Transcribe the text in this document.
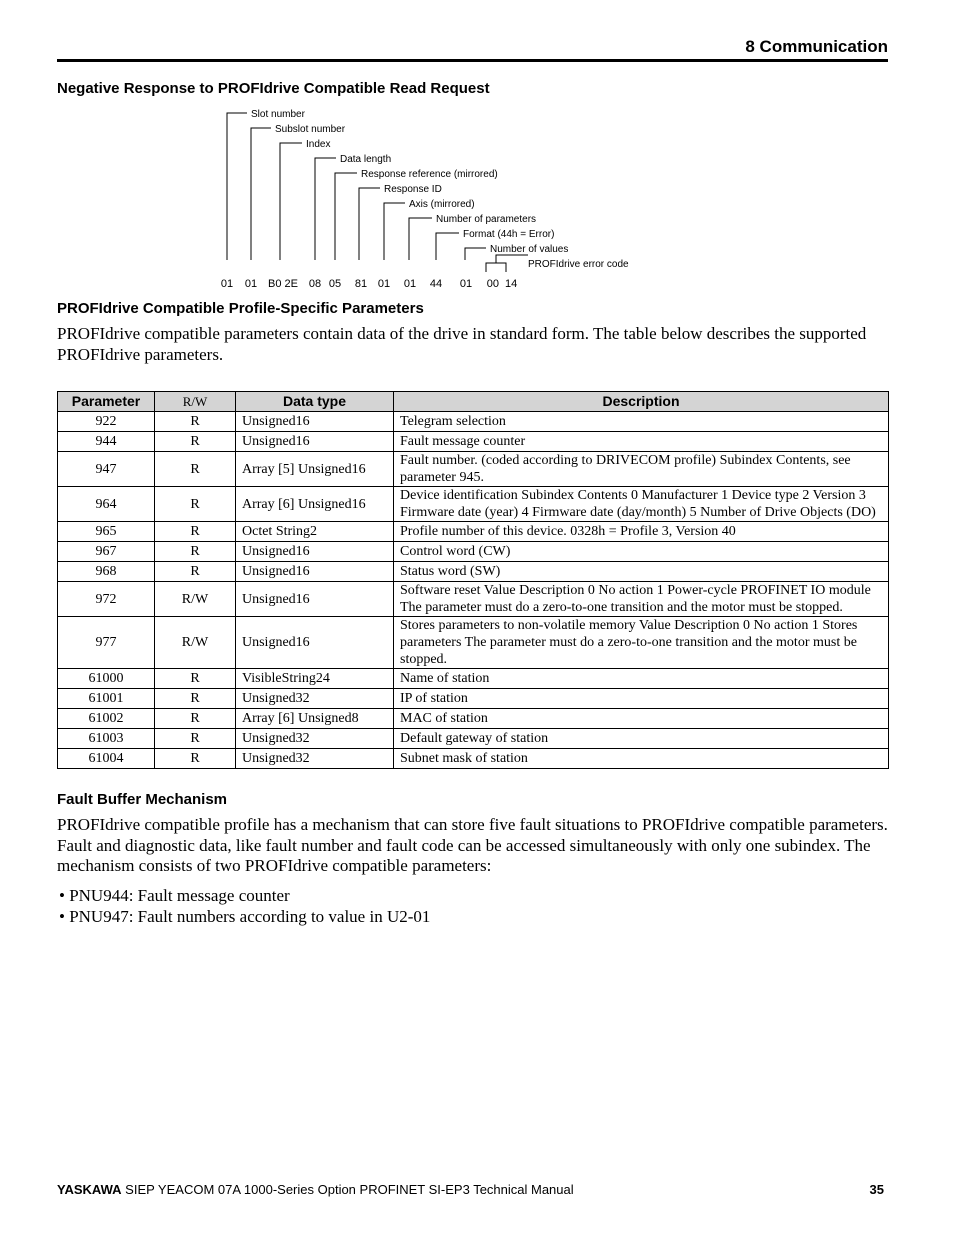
8 Communication
Negative Response to PROFIdrive Compatible Read Request
Slot number
Subslot number
Index
Data length
Response reference (mirrored)
Response ID
Axis (mirrored)
Number of parameters
Format (44h = Error)
Number of values
PROFIdrive error code
01 01 B0 2E 08 05 81 01 01 44 01 00  14
PROFIdrive Compatible Profile-Specific Parameters

PROFIdrive compatible parameters contain data of the drive in standard form. The table below describes the supported PROFIdrive parameters.

Parameter	R/W	Data type	Description
922	R	Unsigned16	Telegram selection
944	R	Unsigned16	Fault message counter
947	R	Array [5] Unsigned16	Fault number. (coded according to DRIVECOM profile) Subindex Contents, see parameter 945.
964	R	Array [6] Unsigned16	Device identification Subindex Contents 0 Manufacturer 1 Device type 2 Version 3 Firmware date (year) 4 Firmware date (day/month) 5 Number of Drive Objects (DO)
965	R	Octet String2	Profile number of this device. 0328h = Profile 3, Version 40
967	R	Unsigned16	Control word (CW)
968	R	Unsigned16	Status word (SW)
972	R/W	Unsigned16	Software reset Value Description 0 No action 1 Power-cycle PROFINET IO module The parameter must do a zero-to-one transition and the motor must be stopped.
977	R/W	Unsigned16	Stores parameters to non-volatile memory Value Description 0 No action 1 Stores parameters The parameter must do a zero-to-one transition and the motor must be stopped.
61000	R	VisibleString24	Name of station
61001	R	Unsigned32	IP of station
61002	R	Array [6] Unsigned8	MAC of station
61003	R	Unsigned32	Default gateway of station
61004	R	Unsigned32	Subnet mask of station
Fault Buffer Mechanism

PROFIdrive compatible profile has a mechanism that can store five fault situations to PROFIdrive compatible parameters. Fault and diagnostic data, like fault number and fault code can be accessed simultaneously with only one subindex. The mechanism consists of two PROFIdrive compatible parameters:

• PNU944: Fault message counter
• PNU947: Fault numbers according to value in U2-01
YASKAWA SIEP YEACOM 07A 1000-Series Option PROFINET SI-EP3 Technical Manual	35
